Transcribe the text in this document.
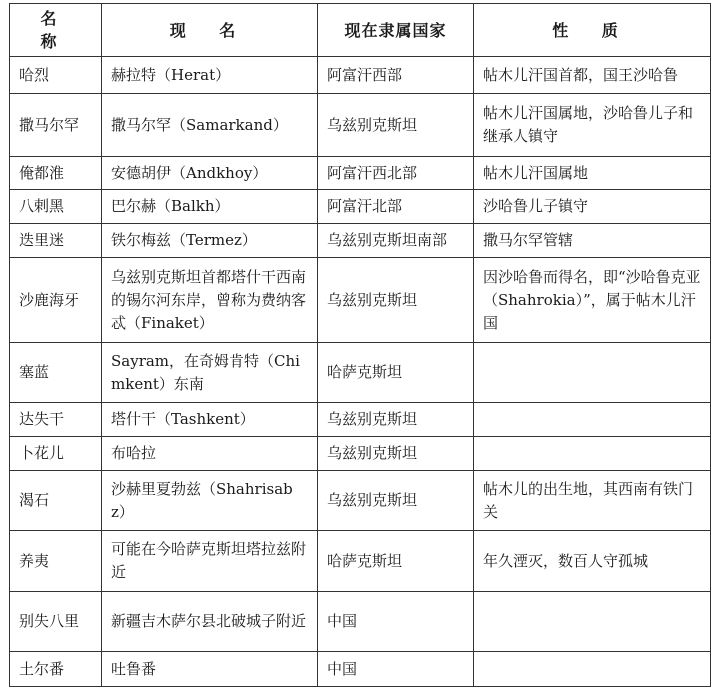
名 称	现 名	现在隶属国家	性 质
哈烈	赫拉特（Herat）	阿富汗西部	帖木儿汗国首都，国王沙哈鲁
撒马尔罕	撒马尔罕（Samarkand）	乌兹别克斯坦	帖木儿汗国属地，沙哈鲁儿子和继承人镇守
俺都淮	安德胡伊（Andkhoy）	阿富汗西北部	帖木儿汗国属地
八剌黑	巴尔赫（Balkh）	阿富汗北部	沙哈鲁儿子镇守
迭里迷	铁尔梅兹（Termez）	乌兹别克斯坦南部	撒马尔罕管辖
沙鹿海牙	乌兹别克斯坦首都塔什干西南的锡尔河东岸，曾称为费纳客忒（Finaket）	乌兹别克斯坦	因沙哈鲁而得名，即“沙哈鲁克亚（Shahrokia）”，属于帖木儿汗国
塞蓝	Sayram，在奇姆肯特（Chimkent）东南	哈萨克斯坦	
达失干	塔什干（Tashkent）	乌兹别克斯坦	
卜花儿	布哈拉	乌兹别克斯坦	
渴石	沙赫里夏勃兹（Shahrisabz）	乌兹别克斯坦	帖木儿的出生地，其西南有铁门关
养夷	可能在今哈萨克斯坦塔拉兹附近	哈萨克斯坦	年久湮灭，数百人守孤城
别失八里	新疆吉木萨尔县北破城子附近	中国	
土尔番	吐鲁番	中国	
